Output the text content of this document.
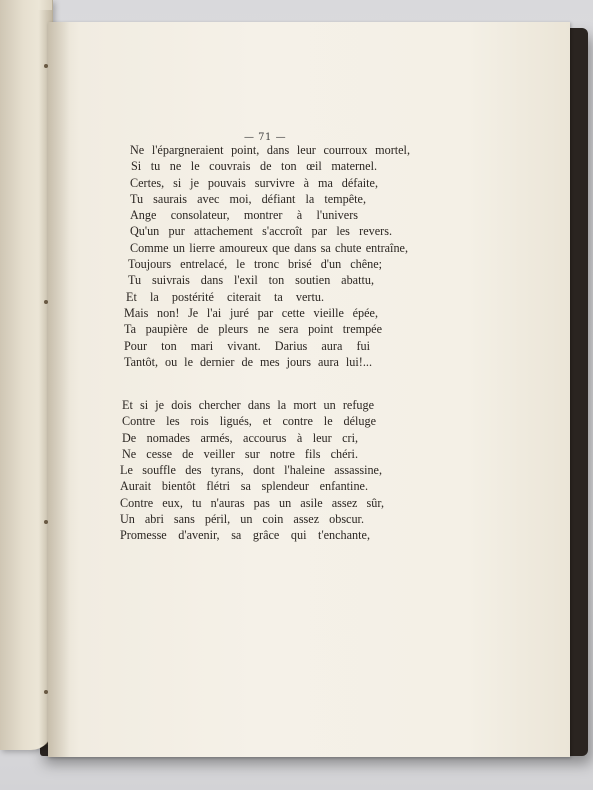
— 71 —
Ne l'épargneraient point, dans leur courroux mortel,
Si tu ne le couvrais de ton œil maternel.
Certes, si je pouvais survivre à ma défaite,
Tu saurais avec moi, défiant la tempête,
Ange consolateur, montrer à l'univers
Qu'un pur attachement s'accroît par les revers.
Comme un lierre amoureux que dans sa chute entraîne,
Toujours entrelacé, le tronc brisé d'un chêne;
Tu suivrais dans l'exil ton soutien abattu,
Et la postérité citerait ta vertu.
Mais non! Je l'ai juré par cette vieille épée,
Ta paupière de pleurs ne sera point trempée
Pour ton mari vivant. Darius aura fui
Tantôt, ou le dernier de mes jours aura lui!...
Et si je dois chercher dans la mort un refuge
Contre les rois ligués, et contre le déluge
De nomades armés, accourus à leur cri,
Ne cesse de veiller sur notre fils chéri.
Le souffle des tyrans, dont l'haleine assassine,
Aurait bientôt flétri sa splendeur enfantine.
Contre eux, tu n'auras pas un asile assez sûr,
Un abri sans péril, un coin assez obscur.
Promesse d'avenir, sa grâce qui t'enchante,
